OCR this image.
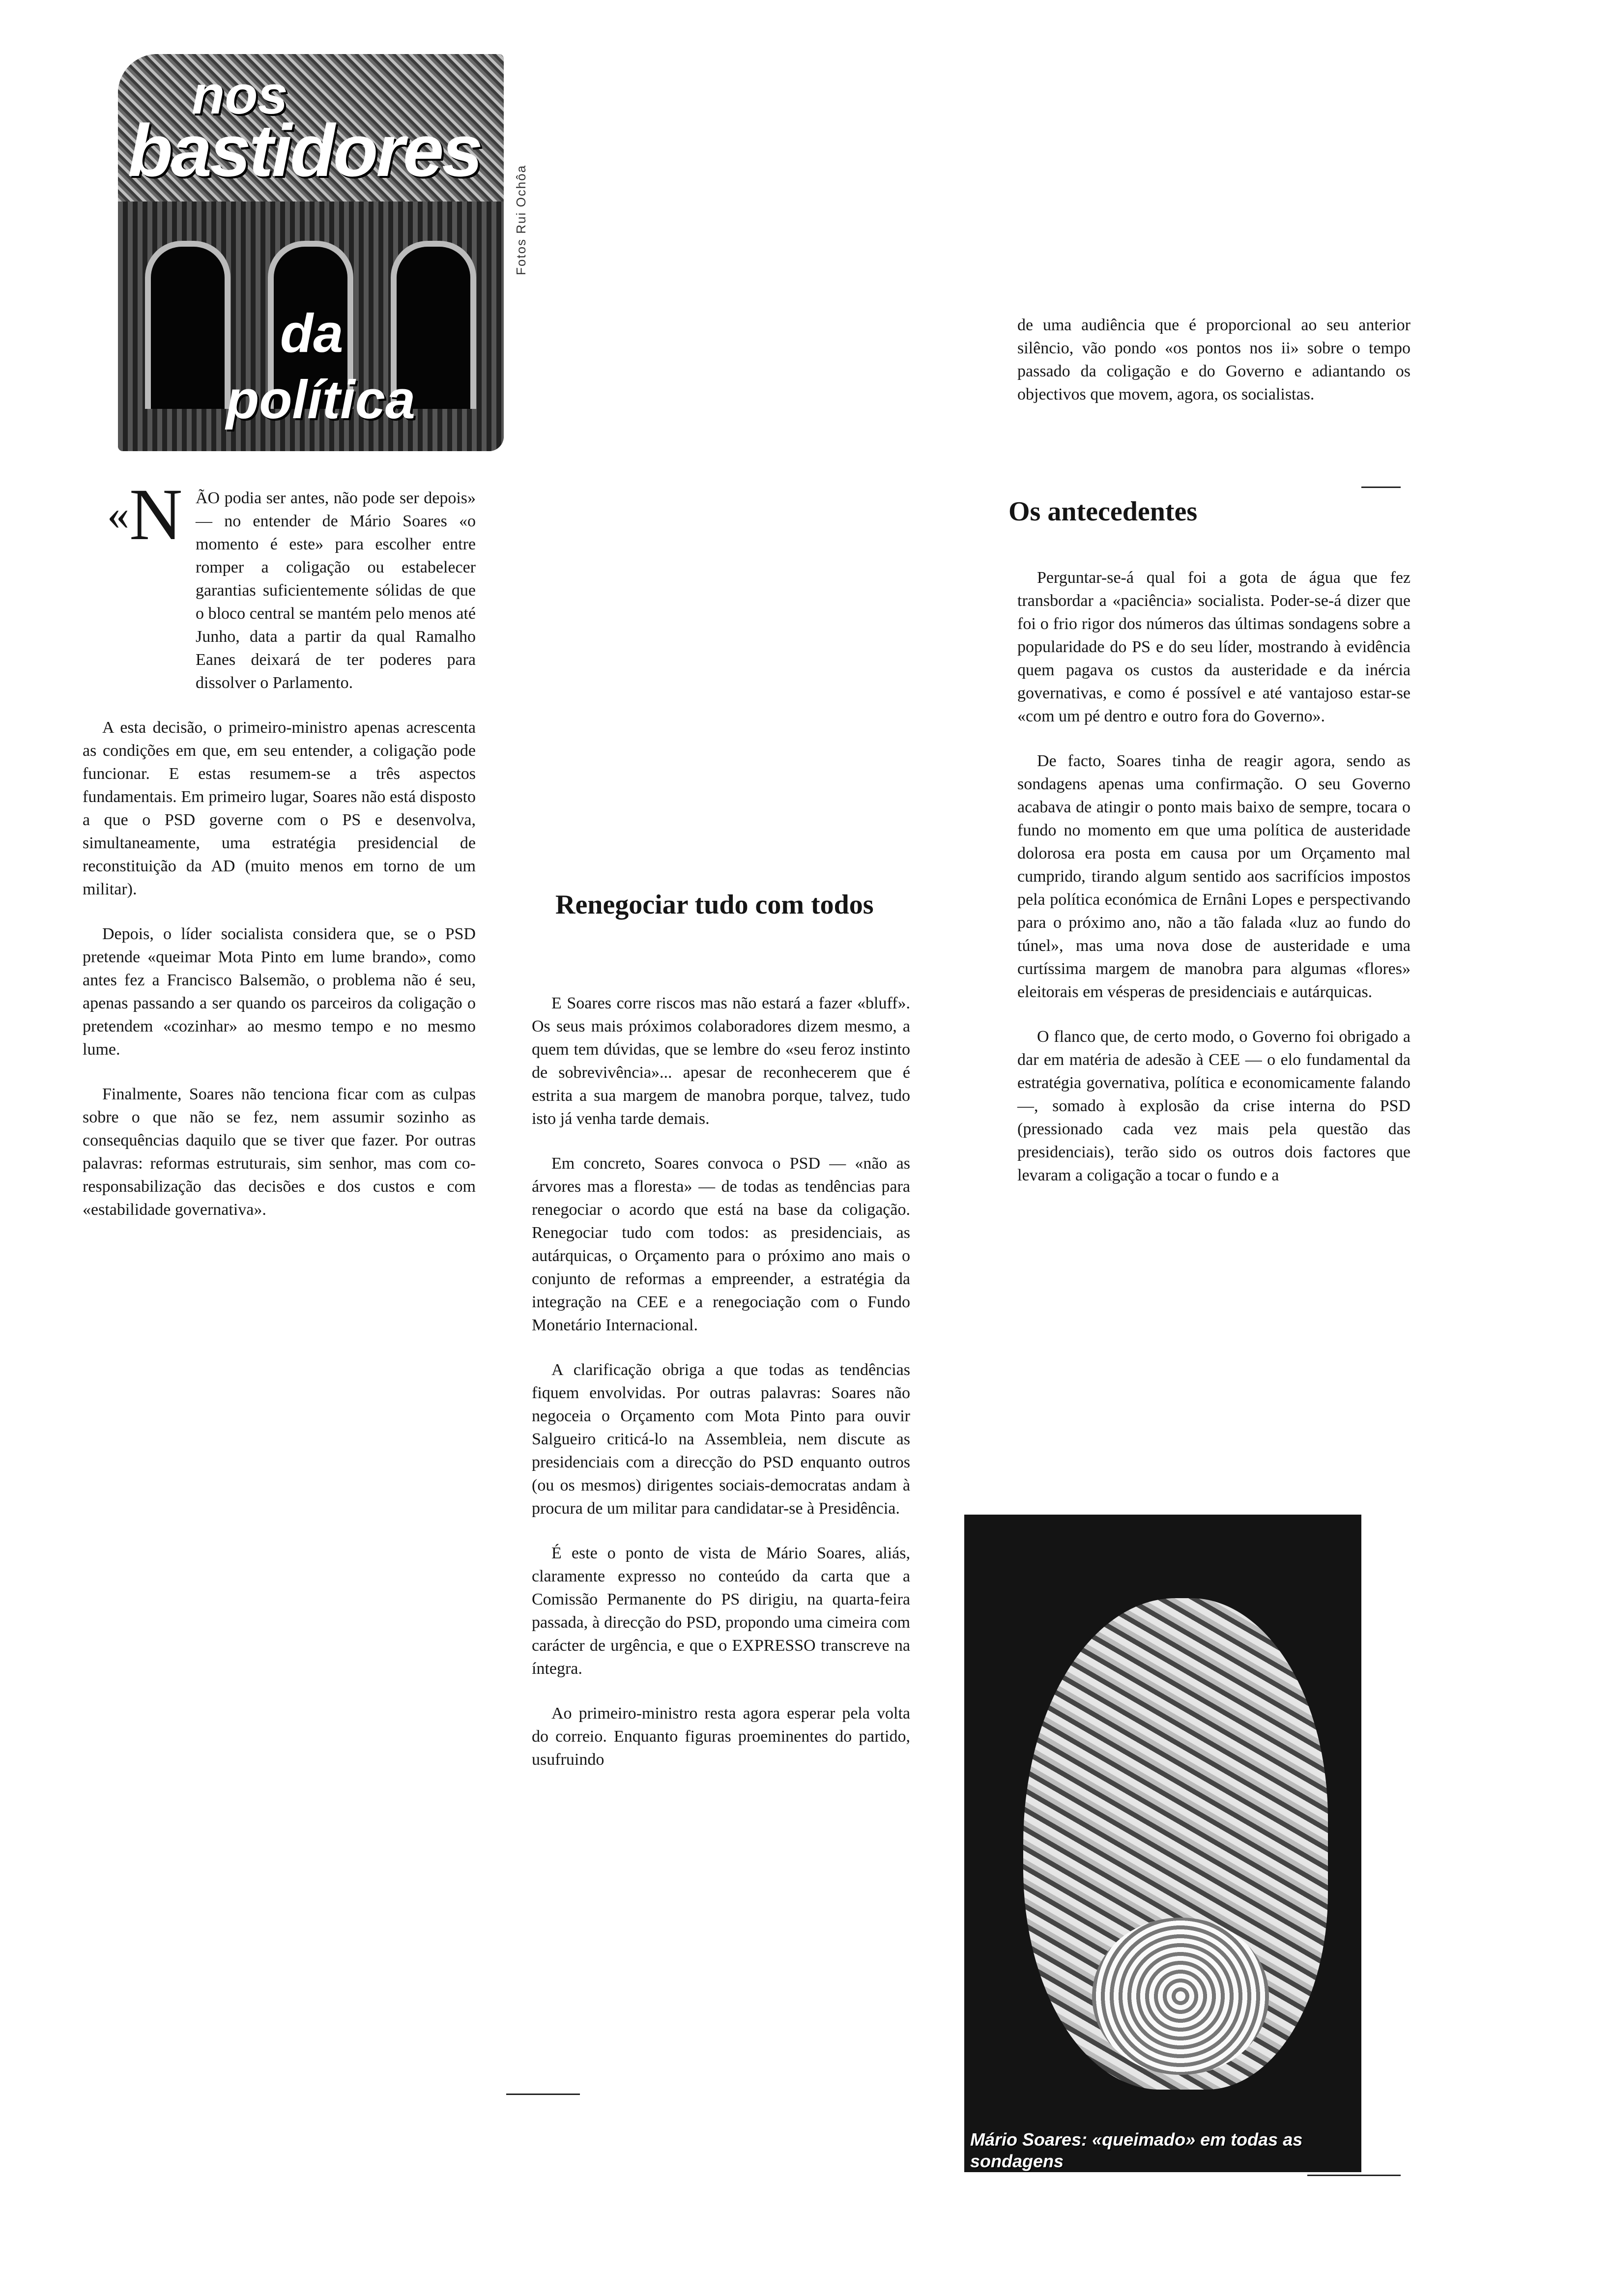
nos
bastidores
da
política
Fotos Rui Ochôa

«N ÃO podia ser antes, não pode ser depois» — no entender de Mário Soares «o momento é este» para escolher entre romper a coligação ou estabelecer garantias suficientemente sólidas de que o bloco central se mantém pelo menos até Junho, data a partir da qual Ramalho Eanes deixará de ter poderes para dissolver o Parlamento.

A esta decisão, o primeiro-ministro apenas acrescenta as condições em que, em seu entender, a coligação pode funcionar. E estas resumem-se a três aspectos fundamentais. Em primeiro lugar, Soares não está disposto a que o PSD governe com o PS e desenvolva, simultaneamente, uma estratégia presidencial de reconstituição da AD (muito menos em torno de um militar).

Depois, o líder socialista considera que, se o PSD pretende «queimar Mota Pinto em lume brando», como antes fez a Francisco Balsemão, o problema não é seu, apenas passando a ser quando os parceiros da coligação o pretendem «cozinhar» ao mesmo tempo e no mesmo lume.

Finalmente, Soares não tenciona ficar com as culpas sobre o que não se fez, nem assumir sozinho as consequências daquilo que se tiver que fazer. Por outras palavras: reformas estruturais, sim senhor, mas com co-responsabilização das decisões e dos custos e com «estabilidade governativa».

Renegociar tudo com todos

E Soares corre riscos mas não estará a fazer «bluff». Os seus mais próximos colaboradores dizem mesmo, a quem tem dúvidas, que se lembre do «seu feroz instinto de sobrevivência»... apesar de reconhecerem que é estrita a sua margem de manobra porque, talvez, tudo isto já venha tarde demais.

Em concreto, Soares convoca o PSD — «não as árvores mas a floresta» — de todas as tendências para renegociar o acordo que está na base da coligação. Renegociar tudo com todos: as presidenciais, as autárquicas, o Orçamento para o próximo ano mais o conjunto de reformas a empreender, a estratégia da integração na CEE e a renegociação com o Fundo Monetário Internacional.

A clarificação obriga a que todas as tendências fiquem envolvidas. Por outras palavras: Soares não negoceia o Orçamento com Mota Pinto para ouvir Salgueiro criticá-lo na Assembleia, nem discute as presidenciais com a direcção do PSD enquanto outros (ou os mesmos) dirigentes sociais-democratas andam à procura de um militar para candidatar-se à Presidência.

É este o ponto de vista de Mário Soares, aliás, claramente expresso no conteúdo da carta que a Comissão Permanente do PS dirigiu, na quarta-feira passada, à direcção do PSD, propondo uma cimeira com carácter de urgência, e que o EXPRESSO transcreve na íntegra.

Ao primeiro-ministro resta agora esperar pela volta do correio. Enquanto figuras proeminentes do partido, usufruindo

de uma audiência que é proporcional ao seu anterior silêncio, vão pondo «os pontos nos ii» sobre o tempo passado da coligação e do Governo e adiantando os objectivos que movem, agora, os socialistas.

Os antecedentes

Perguntar-se-á qual foi a gota de água que fez transbordar a «paciência» socialista. Poder-se-á dizer que foi o frio rigor dos números das últimas sondagens sobre a popularidade do PS e do seu líder, mostrando à evidência quem pagava os custos da austeridade e da inércia governativas, e como é possível e até vantajoso estar-se «com um pé dentro e outro fora do Governo».

De facto, Soares tinha de reagir agora, sendo as sondagens apenas uma confirmação. O seu Governo acabava de atingir o ponto mais baixo de sempre, tocara o fundo no momento em que uma política de austeridade dolorosa era posta em causa por um Orçamento mal cumprido, tirando algum sentido aos sacrifícios impostos pela política económica de Ernâni Lopes e perspectivando para o próximo ano, não a tão falada «luz ao fundo do túnel», mas uma nova dose de austeridade e uma curtíssima margem de manobra para algumas «flores» eleitorais em vésperas de presidenciais e autárquicas.

O flanco que, de certo modo, o Governo foi obrigado a dar em matéria de adesão à CEE — o elo fundamental da estratégia governativa, política e economicamente falando —, somado à explosão da crise interna do PSD (pressionado cada vez mais pela questão das presidenciais), terão sido os outros dois factores que levaram a coligação a tocar o fundo e a

Mário Soares: «queimado» em todas as sondagens
